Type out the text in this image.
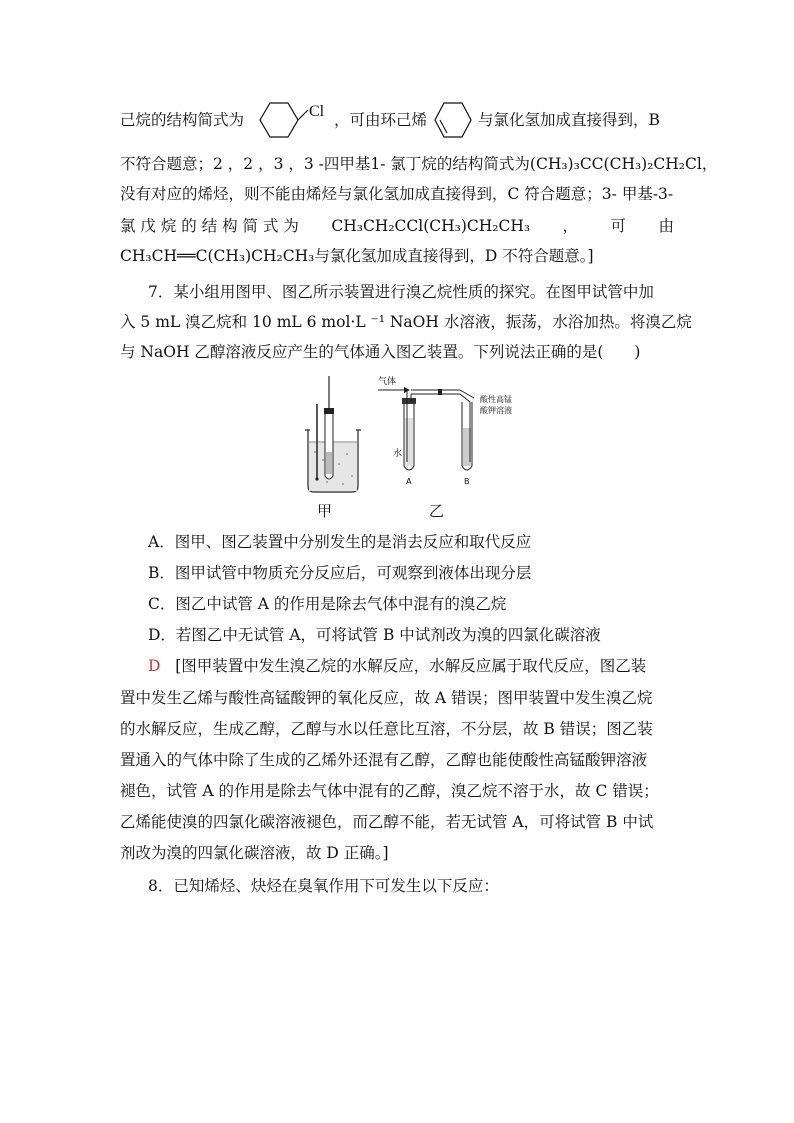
己烷的结构简式为	Cl ，可由环己烯	与氯化氢加成直接得到，B
不符合题意；2 ，2 ，3 ，3 -四甲基1- 氯丁烷的结构简式为(CH₃)₃CC(CH₃)₂CH₂Cl，
没有对应的烯烃，则不能由烯烃与氯化氢加成直接得到，C 符合题意；3- 甲基-3-
氯 戊 烷 的 结 构 简 式 为 CH₃CH₂CCl(CH₃)CH₂CH₃ ， 可 由
CH₃CH══C(CH₃)CH₂CH₃与氯化氢加成直接得到，D 不符合题意。]
7．某小组用图甲、图乙所示装置进行溴乙烷性质的探究。在图甲试管中加
入 5 mL 溴乙烷和 10 mL 6 mol·L ⁻¹ NaOH 水溶液，振荡，水浴加热。将溴乙烷
与 NaOH 乙醇溶液反应产生的气体通入图乙装置。下列说法正确的是(　　)
气体
水
A	B
酸性高锰
酸钾溶液
甲	乙
A．图甲、图乙装置中分别发生的是消去反应和取代反应
B．图甲试管中物质充分反应后，可观察到液体出现分层
C．图乙中试管 A 的作用是除去气体中混有的溴乙烷
D．若图乙中无试管 A，可将试管 B 中试剂改为溴的四氯化碳溶液
D [图甲装置中发生溴乙烷的水解反应，水解反应属于取代反应，图乙装
置中发生乙烯与酸性高锰酸钾的氧化反应，故 A 错误；图甲装置中发生溴乙烷
的水解反应，生成乙醇，乙醇与水以任意比互溶，不分层，故 B 错误；图乙装
置通入的气体中除了生成的乙烯外还混有乙醇，乙醇也能使酸性高锰酸钾溶液
褪色，试管 A 的作用是除去气体中混有的乙醇，溴乙烷不溶于水，故 C 错误；
乙烯能使溴的四氯化碳溶液褪色，而乙醇不能，若无试管 A，可将试管 B 中试
剂改为溴的四氯化碳溶液，故 D 正确。]
8．已知烯烃、炔烃在臭氧作用下可发生以下反应：
